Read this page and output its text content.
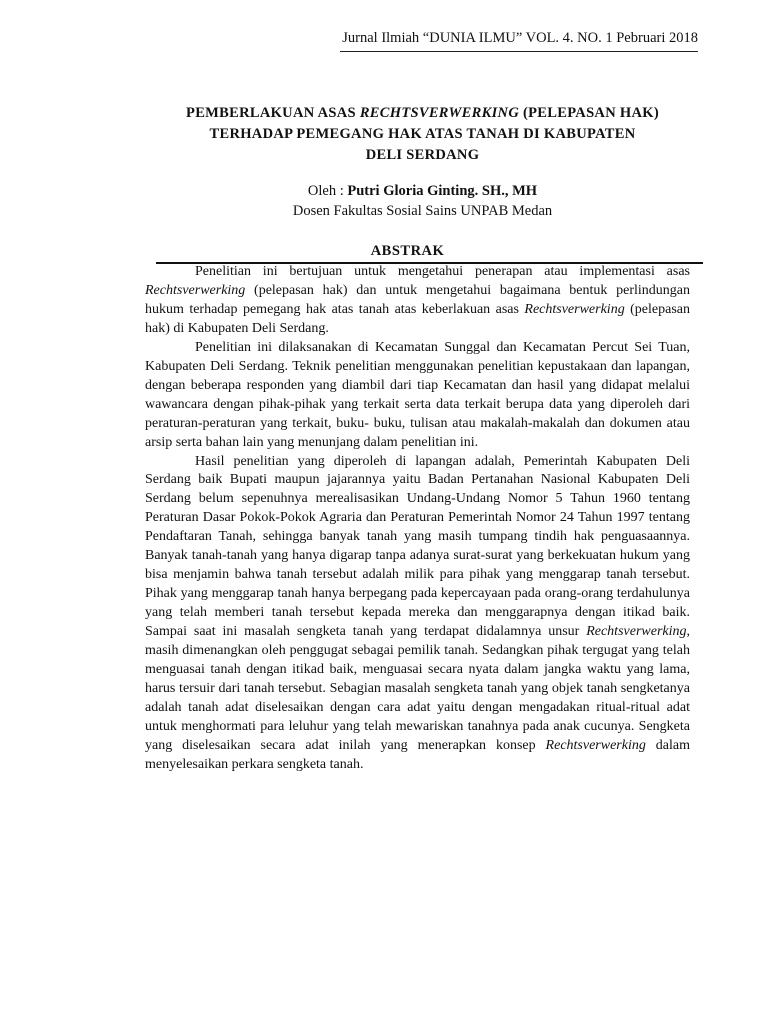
Jurnal Ilmiah “DUNIA ILMU” VOL. 4. NO. 1 Pebruari 2018
PEMBERLAKUAN ASAS RECHTSVERWERKING (PELEPASAN HAK)
TERHADAP PEMEGANG HAK ATAS TANAH DI KABUPATEN
DELI SERDANG
Oleh : Putri Gloria Ginting. SH., MH
Dosen Fakultas Sosial Sains UNPAB Medan
ABSTRAK

Penelitian ini bertujuan untuk mengetahui penerapan atau implementasi asas Rechtsverwerking (pelepasan hak) dan untuk mengetahui bagaimana bentuk perlindungan hukum terhadap pemegang hak atas tanah atas keberlakuan asas Rechtsverwerking (pelepasan hak) di Kabupaten Deli Serdang.

Penelitian ini dilaksanakan di Kecamatan Sunggal dan Kecamatan Percut Sei Tuan, Kabupaten Deli Serdang. Teknik penelitian menggunakan penelitian kepustakaan dan lapangan, dengan beberapa responden yang diambil dari tiap Kecamatan dan hasil yang didapat melalui wawancara dengan pihak-pihak yang terkait serta data terkait berupa data yang diperoleh dari peraturan-peraturan yang terkait, buku- buku, tulisan atau makalah-makalah dan dokumen atau arsip serta bahan lain yang menunjang dalam penelitian ini.

Hasil penelitian yang diperoleh di lapangan adalah, Pemerintah Kabupaten Deli Serdang baik Bupati maupun jajarannya yaitu Badan Pertanahan Nasional Kabupaten Deli Serdang belum sepenuhnya merealisasikan Undang-Undang Nomor 5 Tahun 1960 tentang Peraturan Dasar Pokok-Pokok Agraria dan Peraturan Pemerintah Nomor 24 Tahun 1997 tentang Pendaftaran Tanah, sehingga banyak tanah yang masih tumpang tindih hak penguasaannya. Banyak tanah-tanah yang hanya digarap tanpa adanya surat-surat yang berkekuatan hukum yang bisa menjamin bahwa tanah tersebut adalah milik para pihak yang menggarap tanah tersebut. Pihak yang menggarap tanah hanya berpegang pada kepercayaan pada orang-orang terdahulunya yang telah memberi tanah tersebut kepada mereka dan menggarapnya dengan itikad baik. Sampai saat ini masalah sengketa tanah yang terdapat didalamnya unsur Rechtsverwerking, masih dimenangkan oleh penggugat sebagai pemilik tanah. Sedangkan pihak tergugat yang telah menguasai tanah dengan itikad baik, menguasai secara nyata dalam jangka waktu yang lama, harus tersuir dari tanah tersebut. Sebagian masalah sengketa tanah yang objek tanah sengketanya adalah tanah adat diselesaikan dengan cara adat yaitu dengan mengadakan ritual-ritual adat untuk menghormati para leluhur yang telah mewariskan tanahnya pada anak cucunya. Sengketa yang diselesaikan secara adat inilah yang menerapkan konsep Rechtsverwerking dalam menyelesaikan perkara sengketa tanah.
